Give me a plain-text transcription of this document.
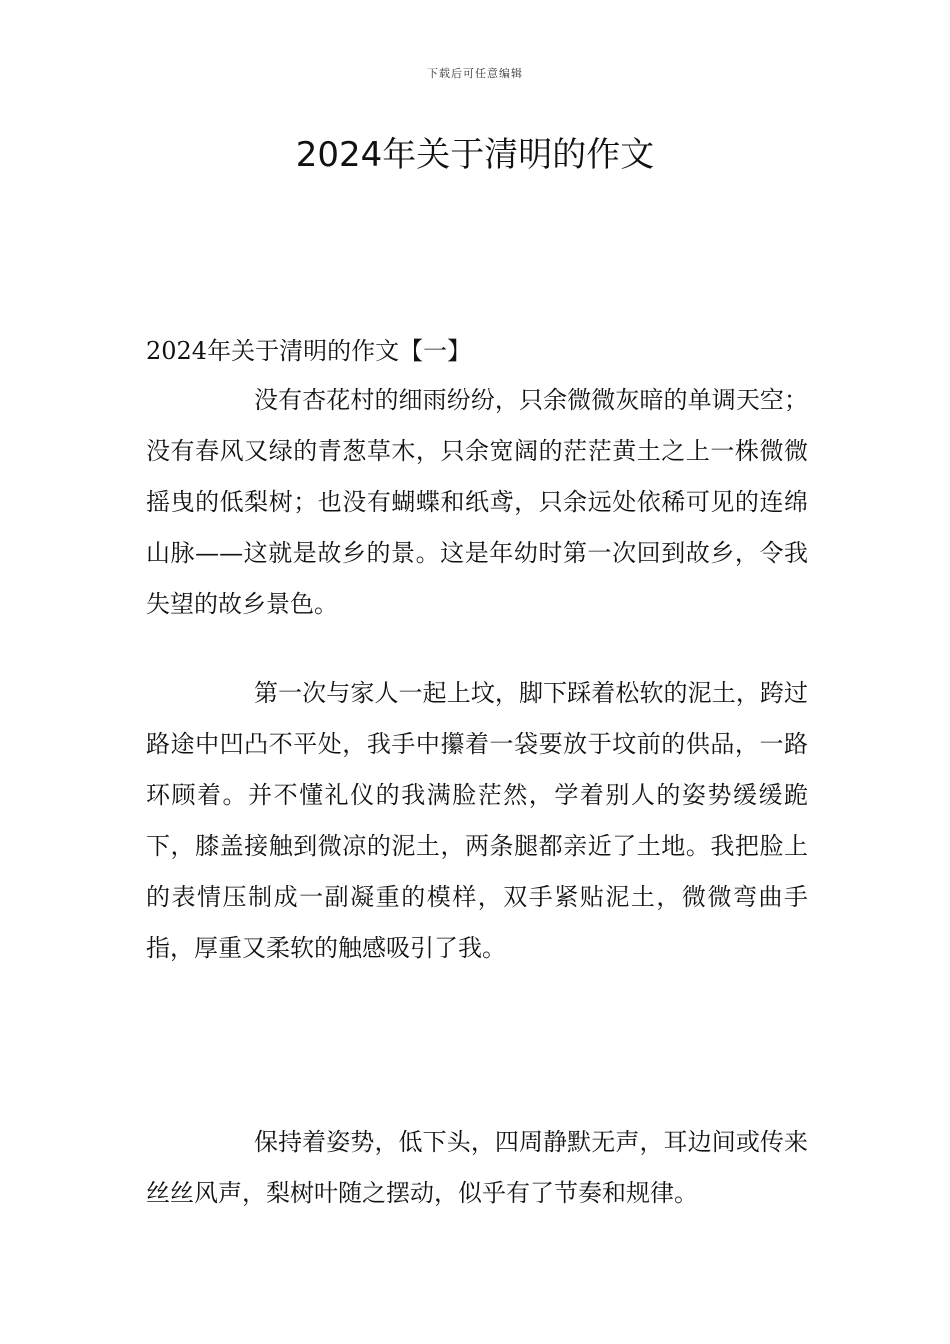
下载后可任意编辑
2024年关于清明的作文
2024年关于清明的作文【一】

没有杏花村的细雨纷纷，只余微微灰暗的单调天空；没有春风又绿的青葱草木，只余宽阔的茫茫黄土之上一株微微摇曳的低梨树；也没有蝴蝶和纸鸢，只余远处依稀可见的连绵山脉——这就是故乡的景。这是年幼时第一次回到故乡，令我失望的故乡景色。

第一次与家人一起上坟，脚下踩着松软的泥土，跨过路途中凹凸不平处，我手中攥着一袋要放于坟前的供品，一路环顾着。并不懂礼仪的我满脸茫然，学着别人的姿势缓缓跪下，膝盖接触到微凉的泥土，两条腿都亲近了土地。我把脸上的表情压制成一副凝重的模样，双手紧贴泥土，微微弯曲手指，厚重又柔软的触感吸引了我。

保持着姿势，低下头，四周静默无声，耳边间或传来丝丝风声，梨树叶随之摆动，似乎有了节奏和规律。
